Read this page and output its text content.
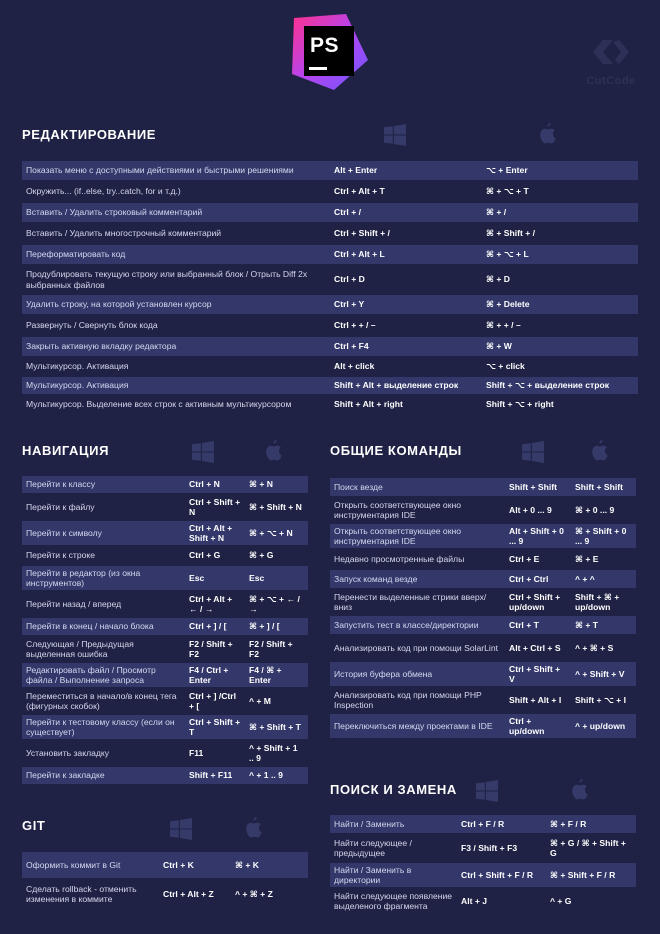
PS
CutCode
РЕДАКТИРОВАНИЕ
Показать меню с доступными действиями и быстрыми решениями	Alt + Enter	⌥ + Enter
Окружить... (if..else, try..catch, for и т.д.)	Ctrl + Alt + T	⌘ + ⌥ + T
Вставить / Удалить строковый комментарий	Ctrl + /	⌘ + /
Вставить / Удалить многострочный комментарий	Ctrl + Shift + /	⌘ + Shift + /
Переформатировать код	Ctrl + Alt + L	⌘ + ⌥ + L
Продублировать текущую строку или выбранный блок / Отрыть Diff 2х выбранных файлов	Ctrl + D	⌘ + D
Удалить строку, на которой установлен курсор	Ctrl + Y	⌘ + Delete
Развернуть / Свернуть блок кода	Ctrl + + / –	⌘ + + / –
Закрыть активную вкладку редактора	Ctrl + F4	⌘ + W
Мультикурсор. Активация	Alt + click	⌥ + click
Мультикурсор. Активация	Shift + Alt + выделение строк	Shift + ⌥ + выделение строк
Мультикурсор. Выделение всех строк с активным мультикурсором	Shift + Alt + right	Shift + ⌥ + right
НАВИГАЦИЯ
Перейти к классу	Ctrl + N	⌘ + N
Перейти к файлу	Ctrl + Shift + N	⌘ + Shift + N
Перейти к символу	Ctrl + Alt + Shift + N	⌘ + ⌥ + N
Перейти к строке	Ctrl + G	⌘ + G
Перейти в редактор (из окна инструментов)	Esc	Esc
Перейти назад / вперед	Ctrl + Alt + ← / →	⌘ + ⌥ + ← / →
Перейти в конец / начало блока	Ctrl + ] / [	⌘ + ] / [
Следующая / Предыдущая выделенная ошибка	F2 / Shift + F2	F2 / Shift + F2
Редактировать файл / Просмотр файла / Выполнение запроса	F4 / Ctrl + Enter	F4 / ⌘ + Enter
Переместиться в начало/в конец тега (фигурных скобок)	Ctrl + ] /Ctrl + [	^ + M
Перейти к тестовому классу (если он существует)	Ctrl + Shift + T	⌘ + Shift + T
Установить закладку	F11	^ + Shift + 1 .. 9
Перейти к закладке	Shift + F11	^ + 1 .. 9
ОБЩИЕ КОМАНДЫ
Поиск везде	Shift + Shift	Shift + Shift
Открыть соответствующее окно инструментария IDE	Alt + 0 ... 9	⌘ + 0 ... 9
Открыть соответствующее окно инструментария IDE	Alt + Shift + 0 ... 9	⌘ + Shift + 0 ... 9
Недавно просмотренные файлы	Ctrl + E	⌘ + E
Запуск команд везде	Ctrl + Ctrl	^ + ^
Перенести выделенные стрики вверх/вниз	Ctrl + Shift + up/down	Shift + ⌘ + up/down
Запустить тест в классе/директории	Ctrl + T	⌘ + T
Анализировать код при помощи SolarLint	Alt + Ctrl + S	^ + ⌘ + S
История буфера обмена	Ctrl + Shift + V	^ + Shift + V
Анализировать код при помощи PHP Inspection	Shift + Alt + I	Shift + ⌥ + I
Переключиться между проектами в IDE	Ctrl + up/down	^ + up/down
ПОИСК И ЗАМЕНА
Найти / Заменить	Ctrl + F / R	⌘ + F / R
Найти следующее / предыдущее	F3 / Shift + F3	⌘ + G / ⌘ + Shift + G
Найти / Заменить в директории	Ctrl + Shift + F / R	⌘ + Shift + F / R
Найти следующее появление выделеного фрагмента	Alt + J	^ + G
GIT
Оформить коммит в Git	Ctrl + K	⌘ + K
Сделать rollback - отменить изменения в коммите	Ctrl + Alt + Z	^ + ⌘ + Z
